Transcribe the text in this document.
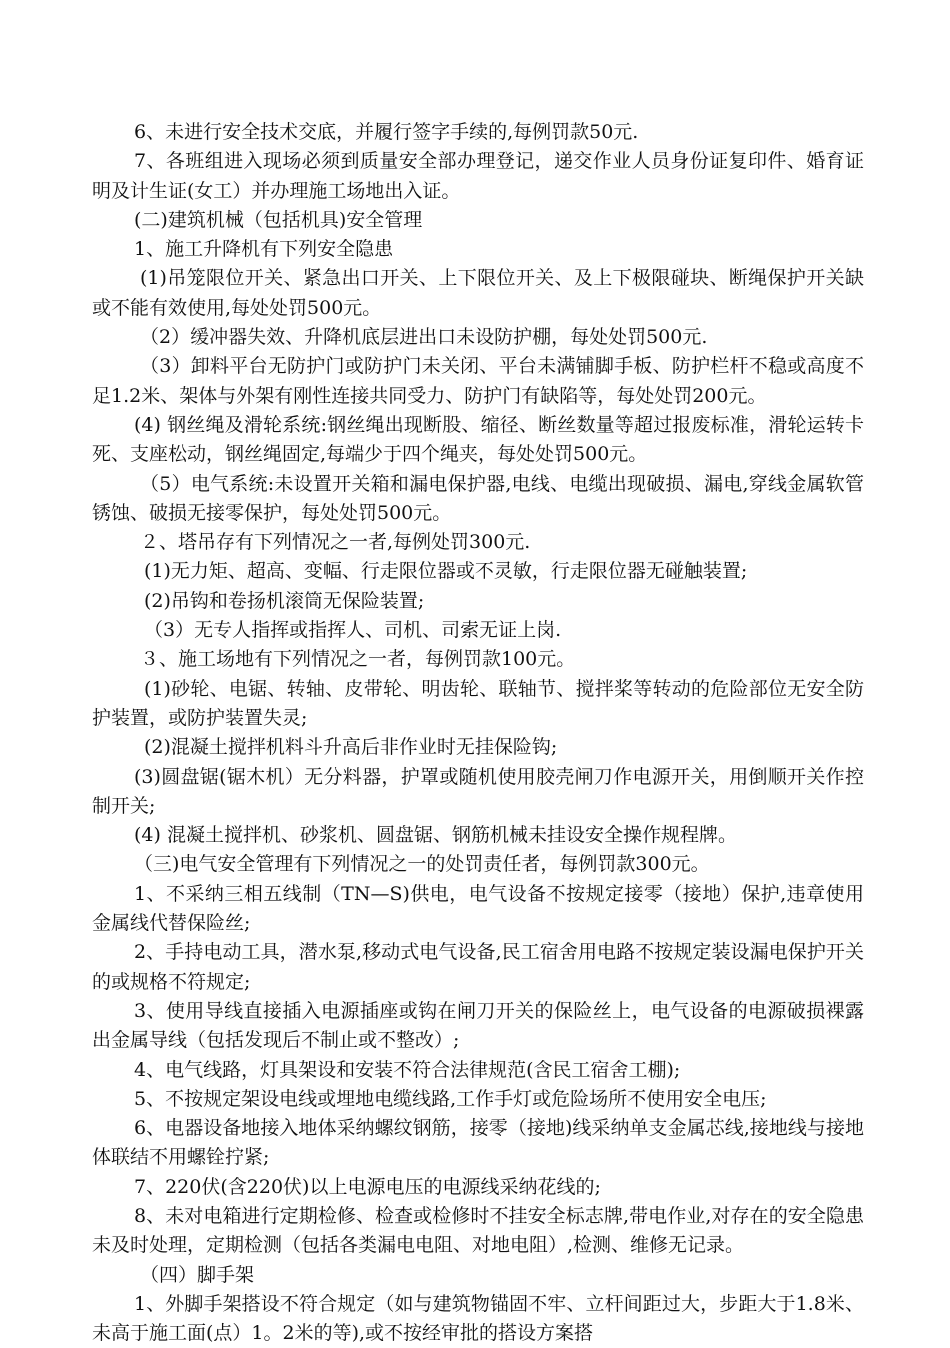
6、未进行安全技术交底，并履行签字手续的,每例罚款50元.

7、各班组进入现场必须到质量安全部办理登记，递交作业人员身份证复印件、婚育证明及计生证(女工）并办理施工场地出入证。

(二)建筑机械（包括机具)安全管理

1、施工升降机有下列安全隐患

(1)吊笼限位开关、紧急出口开关、上下限位开关、及上下极限碰块、断绳保护开关缺或不能有效使用,每处处罚500元。

（2）缓冲器失效、升降机底层进出口未设防护棚，每处处罚500元.

（3）卸料平台无防护门或防护门未关闭、平台未满铺脚手板、防护栏杆不稳或高度不足1.2米、架体与外架有刚性连接共同受力、防护门有缺陷等，每处处罚200元。

(4) 钢丝绳及滑轮系统:钢丝绳出现断股、缩径、断丝数量等超过报废标准，滑轮运转卡死、支座松动，钢丝绳固定,每端少于四个绳夹，每处处罚500元。

（5）电气系统:未设置开关箱和漏电保护器,电线、电缆出现破损、漏电,穿线金属软管锈蚀、破损无接零保护，每处处罚500元。

２、塔吊存有下列情况之一者,每例处罚300元.

(1)无力矩、超高、变幅、行走限位器或不灵敏，行走限位器无碰触装置;

(2)吊钩和卷扬机滚筒无保险装置;

（3）无专人指挥或指挥人、司机、司索无证上岗.

３、施工场地有下列情况之一者，每例罚款100元。

(1)砂轮、电锯、转轴、皮带轮、明齿轮、联轴节、搅拌桨等转动的危险部位无安全防护装置，或防护装置失灵;

(2)混凝土搅拌机料斗升高后非作业时无挂保险钩;

(3)圆盘锯(锯木机）无分料器，护罩或随机使用胶壳闸刀作电源开关，用倒顺开关作控制开关;

(4) 混凝土搅拌机、砂浆机、圆盘锯、钢筋机械未挂设安全操作规程牌。

（三)电气安全管理有下列情况之一的处罚责任者，每例罚款300元。

1、不采纳三相五线制（TN—S)供电，电气设备不按规定接零（接地）保护,违章使用金属线代替保险丝;

2、手持电动工具，潜水泵,移动式电气设备,民工宿舍用电路不按规定装设漏电保护开关的或规格不符规定;

3、使用导线直接插入电源插座或钩在闸刀开关的保险丝上，电气设备的电源破损裸露出金属导线（包括发现后不制止或不整改）;

4、电气线路，灯具架设和安装不符合法律规范(含民工宿舍工棚);

5、不按规定架设电线或埋地电缆线路,工作手灯或危险场所不使用安全电压;

6、电器设备地接入地体采纳螺纹钢筋，接零（接地)线采纳单支金属芯线,接地线与接地体联结不用螺铨拧紧;

7、220伏(含220伏)以上电源电压的电源线采纳花线的;

8、未对电箱进行定期检修、检查或检修时不挂安全标志牌,带电作业,对存在的安全隐患未及时处理，定期检测（包括各类漏电电阻、对地电阻）,检测、维修无记录。

（四）脚手架

1、外脚手架搭设不符合规定（如与建筑物锚固不牢、立杆间距过大，步距大于1.8米、未高于施工面(点）1。2米的等),或不按经审批的搭设方案搭
